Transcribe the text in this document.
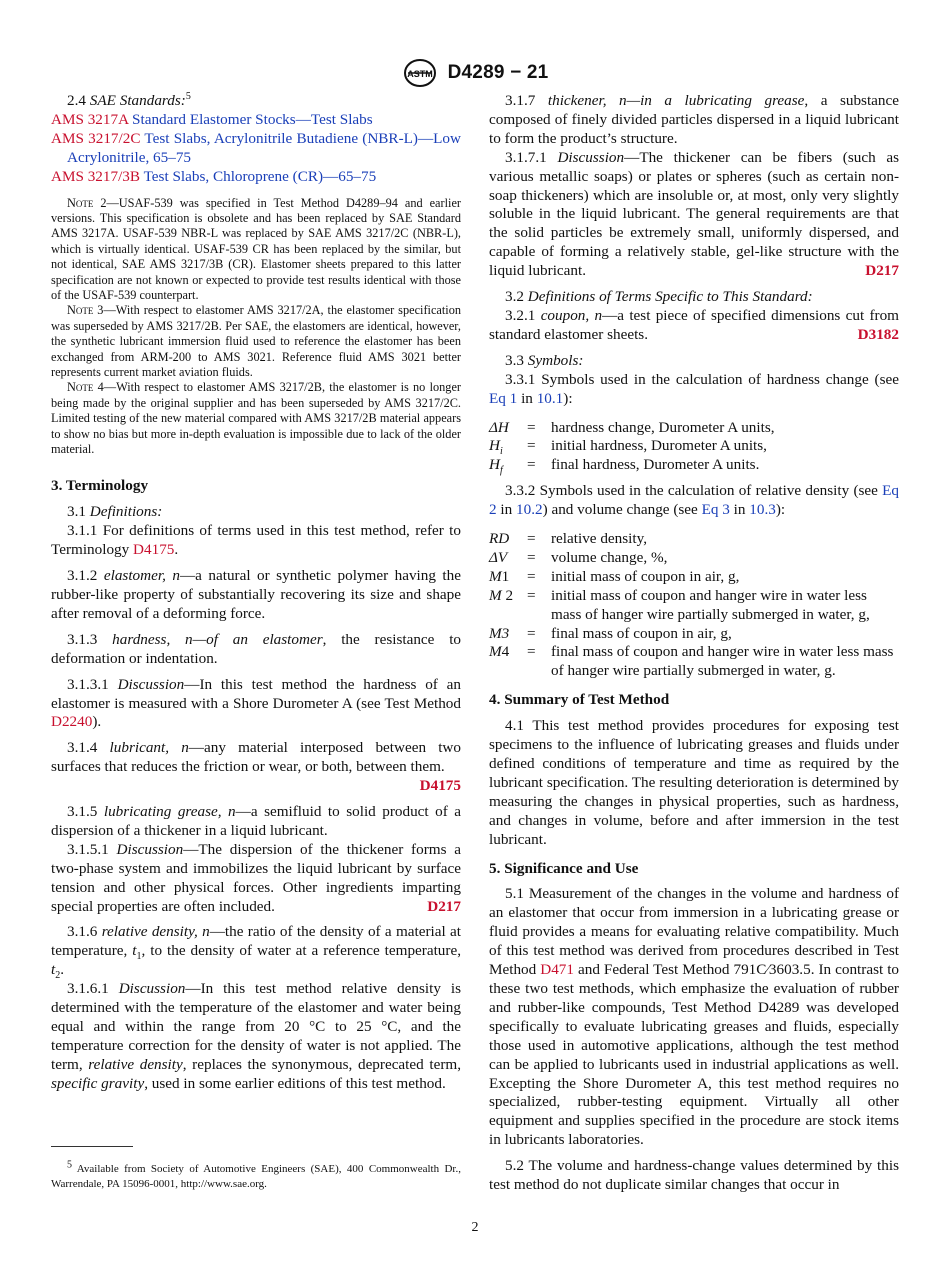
ASTM D4289 − 21

2.4 SAE Standards:$^5$

AMS 3217A Standard Elastomer Stocks—Test Slabs

AMS 3217/2C Test Slabs, Acrylonitrile Butadiene (NBR-L)—Low Acrylonitrile, 65–75

AMS 3217/3B Test Slabs, Chloroprene (CR)—65–75

Note 2—USAF-539 was specified in Test Method D4289–94 and earlier versions. This specification is obsolete and has been replaced by SAE Standard AMS 3217A. USAF-539 NBR-L was replaced by SAE AMS 3217/2C (NBR-L), which is virtually identical. USAF-539 CR has been replaced by the similar, but not identical, SAE AMS 3217/3B (CR). Elastomer sheets prepared to this latter specification are not known or expected to provide test results identical with those of the USAF-539 counterpart.

Note 3—With respect to elastomer AMS 3217/2A, the elastomer specification was superseded by AMS 3217/2B. Per SAE, the elastomers are identical, however, the synthetic lubricant immersion fluid used to reference the elastomer has been exchanged from ARM-200 to AMS 3021. Reference fluid AMS 3021 better represents current market aviation fluids.

Note 4—With respect to elastomer AMS 3217/2B, the elastomer is no longer being made by the original supplier and has been superseded by AMS 3217/2C. Limited testing of the new material compared with AMS 3217/2B material appears to show no bias but more in-depth evaluation is impossible due to lack of the older material.

3. Terminology

3.1 Definitions:

3.1.1 For definitions of terms used in this test method, refer to Terminology D4175.

3.1.2 elastomer, n—a natural or synthetic polymer having the rubber-like property of substantially recovering its size and shape after removal of a deforming force.

3.1.3 hardness, n—of an elastomer, the resistance to deformation or indentation.

3.1.3.1 Discussion—In this test method the hardness of an elastomer is measured with a Shore Durometer A (see Test Method D2240).

3.1.4 lubricant, n—any material interposed between two surfaces that reduces the friction or wear, or both, between them.
D4175

3.1.5 lubricating grease, n—a semifluid to solid product of a dispersion of a thickener in a liquid lubricant.

3.1.5.1 Discussion—The dispersion of the thickener forms a two-phase system and immobilizes the liquid lubricant by surface tension and other physical forces. Other ingredients imparting special properties are often included.	D217

3.1.6 relative density, n—the ratio of the density of a material at temperature, $t_1$, to the density of water at a reference temperature, $t_2$.

3.1.6.1 Discussion—In this test method relative density is determined with the temperature of the elastomer and water being equal and within the range from 20 °C to 25 °C, and the temperature correction for the density of water is not applied. The term, relative density, replaces the synonymous, deprecated term, specific gravity, used in some earlier editions of this test method.

$^5$ Available from Society of Automotive Engineers (SAE), 400 Commonwealth Dr., Warrendale, PA 15096-0001, http://www.sae.org.

3.1.7 thickener, n—in a lubricating grease, a substance composed of finely divided particles dispersed in a liquid lubricant to form the product’s structure.

3.1.7.1 Discussion—The thickener can be fibers (such as various metallic soaps) or plates or spheres (such as certain non-soap thickeners) which are insoluble or, at most, only very slightly soluble in the liquid lubricant. The general requirements are that the solid particles be extremely small, uniformly dispersed, and capable of forming a relatively stable, gel-like structure with the liquid lubricant.	D217

3.2 Definitions of Terms Specific to This Standard:

3.2.1 coupon, n—a test piece of specified dimensions cut from standard elastomer sheets.	D3182

3.3 Symbols:

3.3.1 Symbols used in the calculation of hardness change (see Eq 1 in 10.1):

ΔH	=	hardness change, Durometer A units,
$H_i$	=	initial hardness, Durometer A units,
$H_f$	=	final hardness, Durometer A units.

3.3.2 Symbols used in the calculation of relative density (see Eq 2 in 10.2) and volume change (see Eq 3 in 10.3):

RD	=	relative density,
ΔV	=	volume change, %,
M1	=	initial mass of coupon in air, g,
M 2 =	initial mass of coupon and hanger wire in water less mass of hanger wire partially submerged in water, g,
M3	=	final mass of coupon in air, g,
M4	=	final mass of coupon and hanger wire in water less mass of hanger wire partially submerged in water, g.
4. Summary of Test Method

4.1 This test method provides procedures for exposing test specimens to the influence of lubricating greases and fluids under defined conditions of temperature and time as required by the lubricant specification. The resulting deterioration is determined by measuring the changes in physical properties, such as hardness, and changes in volume, before and after immersion in the test lubricant.

5. Significance and Use

5.1 Measurement of the changes in the volume and hardness of an elastomer that occur from immersion in a lubricating grease or fluid provides a means for evaluating relative compatibility. Much of this test method was derived from procedures described in Test Method D471 and Federal Test Method 791C⁄3603.5. In contrast to these two test methods, which emphasize the evaluation of rubber and rubber-like compounds, Test Method D4289 was developed specifically to evaluate lubricating greases and fluids, especially those used in automotive applications, although the test method can be applied to lubricants used in industrial applications as well. Excepting the Shore Durometer A, this test method requires no specialized, rubber-testing equipment. Virtually all other equipment and supplies specified in the procedure are stock items in lubricants laboratories.

5.2 The volume and hardness-change values determined by this test method do not duplicate similar changes that occur in

2
